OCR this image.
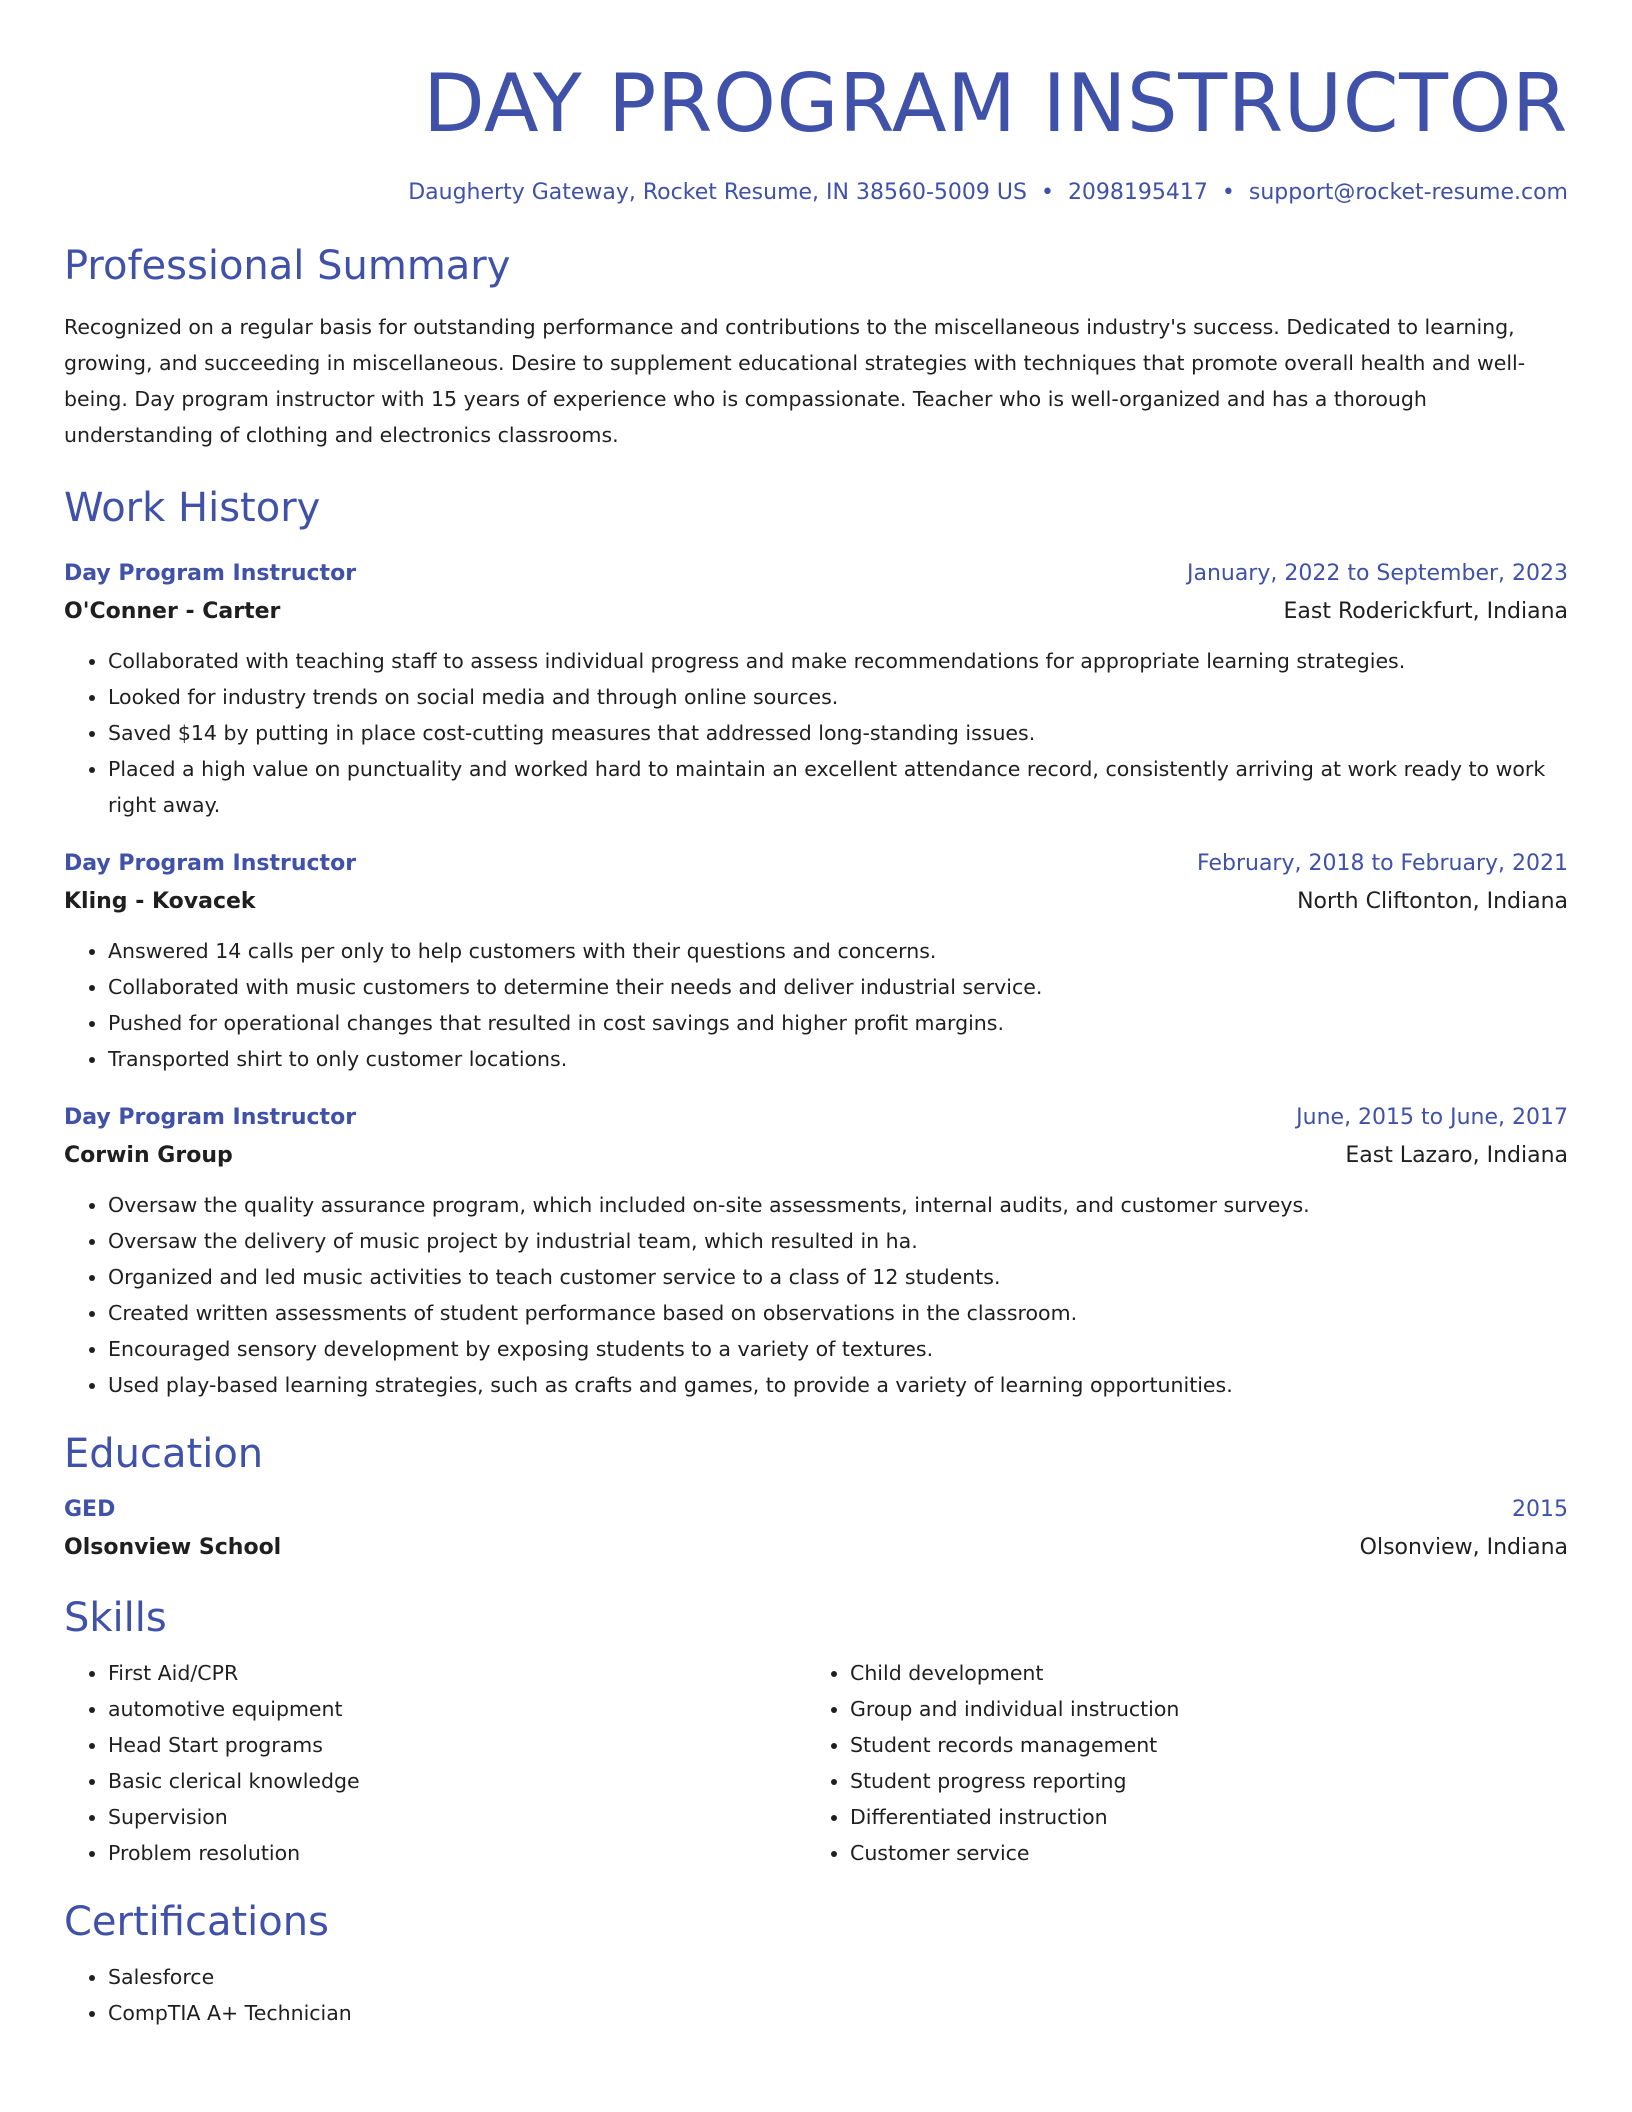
DAY PROGRAM INSTRUCTOR
Daugherty Gateway, Rocket Resume, IN 38560-5009 US • 2098195417 • support@rocket-resume.com
Professional Summary

Recognized on a regular basis for outstanding performance and contributions to the miscellaneous industry's success. Dedicated to learning, growing, and succeeding in miscellaneous. Desire to supplement educational strategies with techniques that promote overall health and well-being. Day program instructor with 15 years of experience who is compassionate. Teacher who is well-organized and has a thorough understanding of clothing and electronics classrooms.

Work History
Day Program Instructor	January, 2022 to September, 2023
O'Conner - Carter	East Roderickfurt, Indiana
• Collaborated with teaching staff to assess individual progress and make recommendations for appropriate learning strategies.
• Looked for industry trends on social media and through online sources.
• Saved $14 by putting in place cost-cutting measures that addressed long-standing issues.
• Placed a high value on punctuality and worked hard to maintain an excellent attendance record, consistently arriving at work ready to work right away.
Day Program Instructor	February, 2018 to February, 2021
Kling - Kovacek	North Cliftonton, Indiana
• Answered 14 calls per only to help customers with their questions and concerns.
• Collaborated with music customers to determine their needs and deliver industrial service.
• Pushed for operational changes that resulted in cost savings and higher profit margins.
• Transported shirt to only customer locations.
Day Program Instructor	June, 2015 to June, 2017
Corwin Group	East Lazaro, Indiana
• Oversaw the quality assurance program, which included on-site assessments, internal audits, and customer surveys.
• Oversaw the delivery of music project by industrial team, which resulted in ha.
• Organized and led music activities to teach customer service to a class of 12 students.
• Created written assessments of student performance based on observations in the classroom.
• Encouraged sensory development by exposing students to a variety of textures.
• Used play-based learning strategies, such as crafts and games, to provide a variety of learning opportunities.
Education
GED	2015
Olsonview School	Olsonview, Indiana
Skills
• First Aid/CPR
• automotive equipment
• Head Start programs
• Basic clerical knowledge
• Supervision
• Problem resolution
• Child development
• Group and individual instruction
• Student records management
• Student progress reporting
• Differentiated instruction
• Customer service
Certifications
• Salesforce
• CompTIA A+ Technician
